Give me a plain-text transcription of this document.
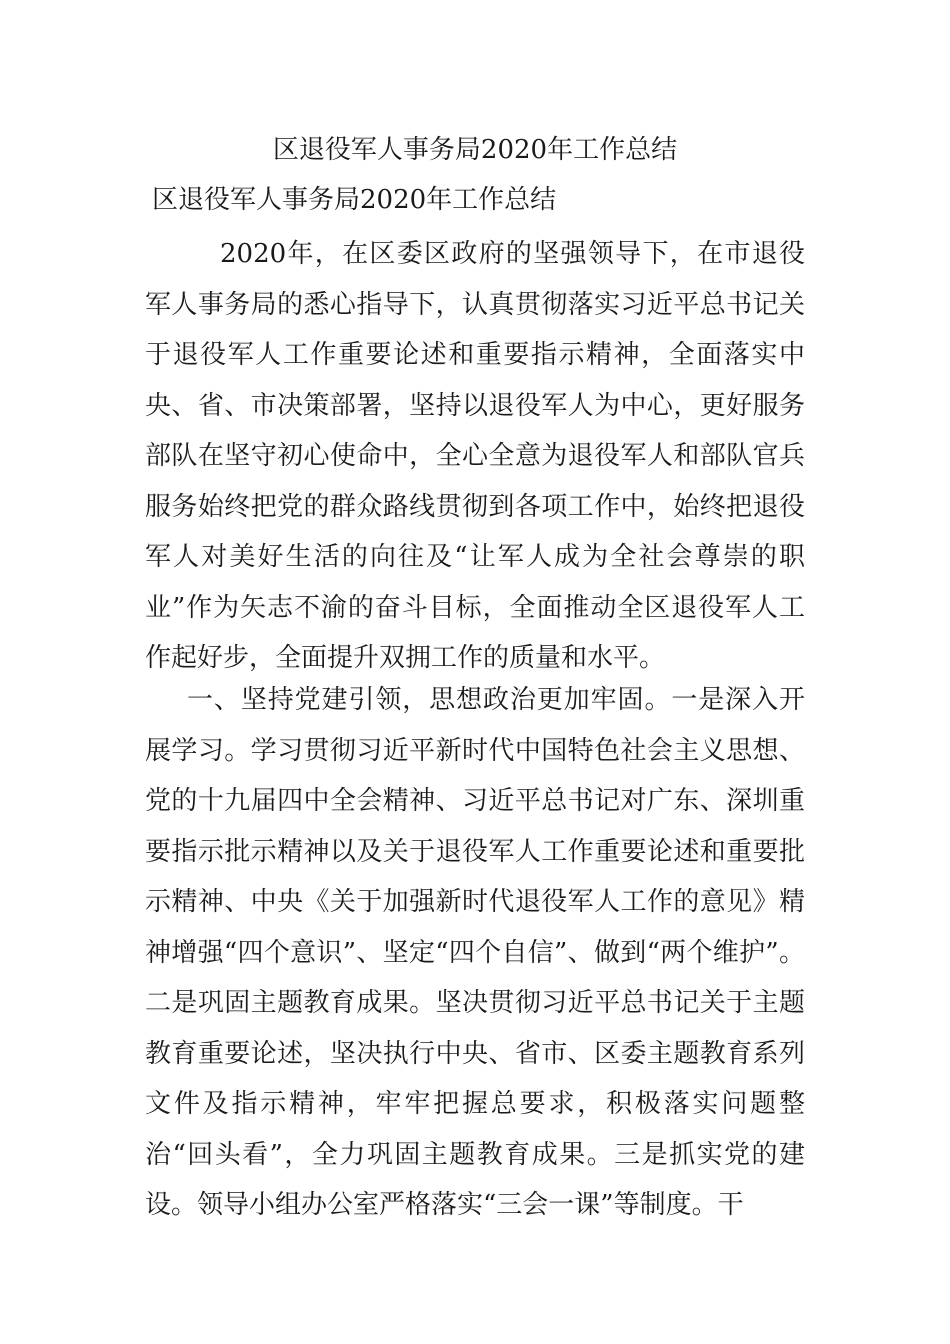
区退役军人事务局2020年工作总结
区退役军人事务局2020年工作总结

2020年，在区委区政府的坚强领导下，在市退役军人事务局的悉心指导下，认真贯彻落实习近平总书记关于退役军人工作重要论述和重要指示精神，全面落实中央、省、市决策部署，坚持以退役军人为中心，更好服务部队在坚守初心使命中，全心全意为退役军人和部队官兵服务始终把党的群众路线贯彻到各项工作中，始终把退役军人对美好生活的向往及“让军人成为全社会尊崇的职业”作为矢志不渝的奋斗目标，全面推动全区退役军人工作起好步，全面提升双拥工作的质量和水平。

一、坚持党建引领，思想政治更加牢固。一是深入开展学习。学习贯彻习近平新时代中国特色社会主义思想、党的十九届四中全会精神、习近平总书记对广东、深圳重要指示批示精神以及关于退役军人工作重要论述和重要批示精神、中央《关于加强新时代退役军人工作的意见》精神增强“四个意识”、坚定“四个自信”、做到“两个维护”。二是巩固主题教育成果。坚决贯彻习近平总书记关于主题教育重要论述，坚决执行中央、省市、区委主题教育系列文件及指示精神，牢牢把握总要求，积极落实问题整治“回头看”，全力巩固主题教育成果。三是抓实党的建设。领导小组办公室严格落实“三会一课”等制度。干
